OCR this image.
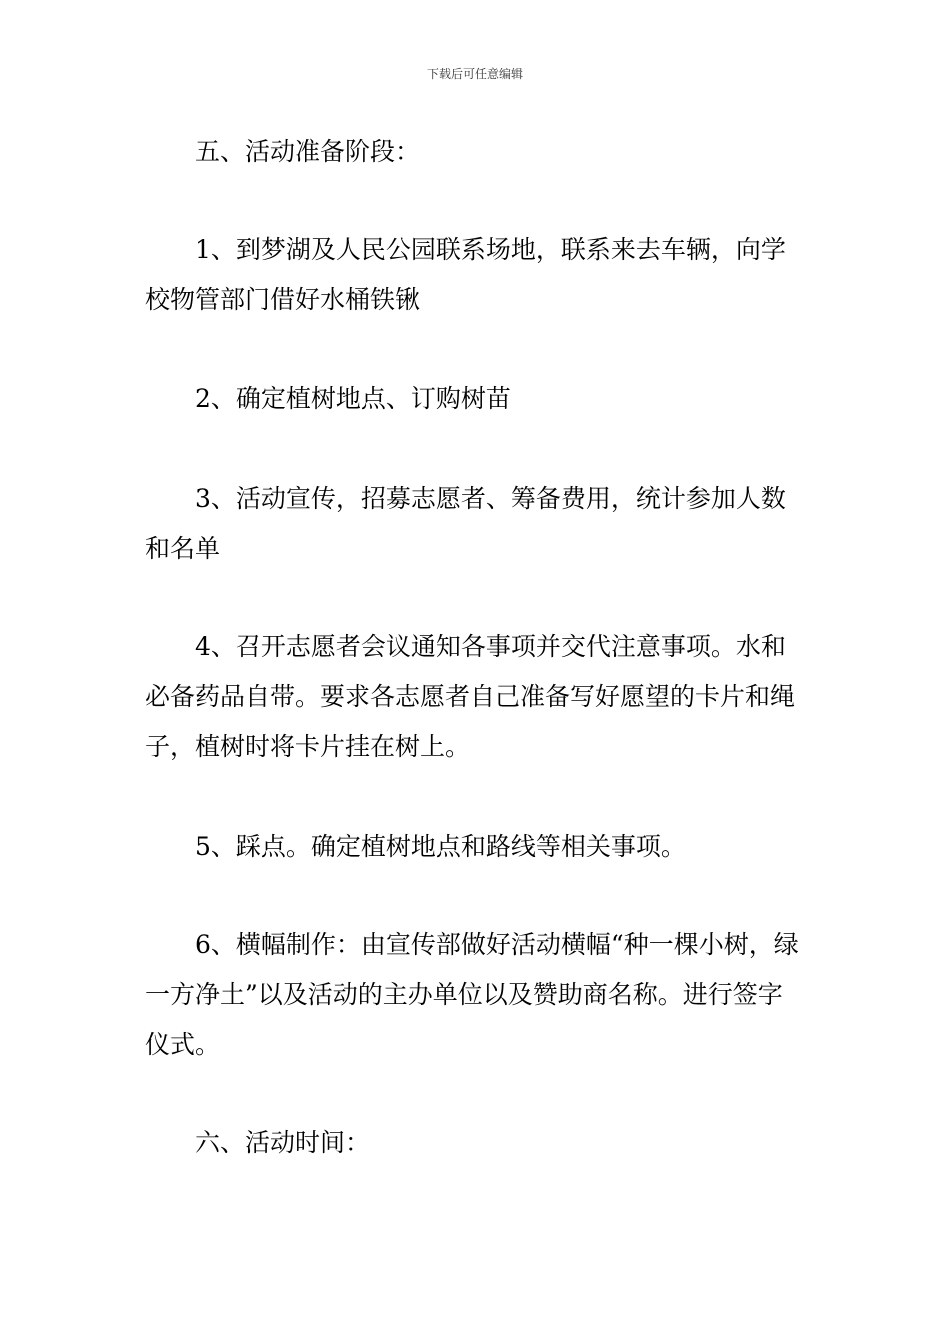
下载后可任意编辑

五、活动准备阶段：

1、到梦湖及人民公园联系场地，联系来去车辆，向学校物管部门借好水桶铁锹

2、确定植树地点、订购树苗

3、活动宣传，招募志愿者、筹备费用，统计参加人数和名单

4、召开志愿者会议通知各事项并交代注意事项。水和必备药品自带。要求各志愿者自己准备写好愿望的卡片和绳子，植树时将卡片挂在树上。

5、踩点。确定植树地点和路线等相关事项。

6、横幅制作：由宣传部做好活动横幅“种一棵小树，绿一方净土”以及活动的主办单位以及赞助商名称。进行签字仪式。

六、活动时间：
